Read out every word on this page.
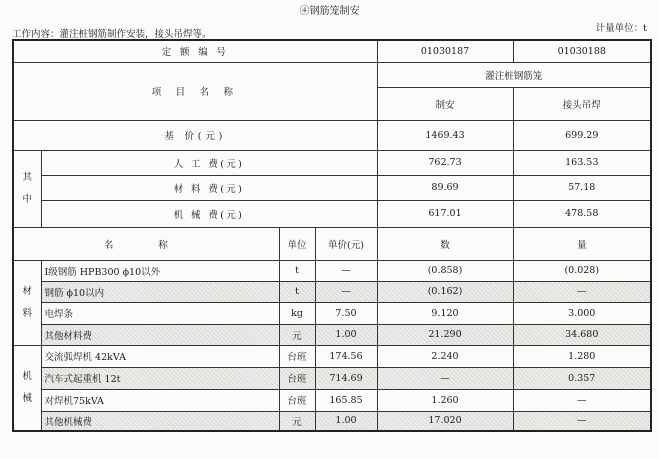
④钢筋笼制安
工作内容：灌注桩钢筋制作安装，接头吊焊等。
计量单位：t
定 额 编 号				01030187	01030188
项 目 名 称				灌注桩钢筋笼	
				制安	接头吊焊
基 价(元)				1469.43	699.29

其
中	人 工 费(元)			762.73	163.53
	材 料 费(元)			89.69	57.18
	机 械 费(元)			617.01	478.58
名 称		单位	单价(元)	数	量

材
料	Ⅰ级钢筋 HPB300 ϕ10以外	t	—	(0.858)	(0.028)
	钢筋 ϕ10以内	t	—	(0.162)	—
	电焊条	kg	7.50	9.120	3.000
	其他材料费	元	1.00	21.290	34.680

机
械	交流弧焊机 42kVA	台班	174.56	2.240	1.280
	汽车式起重机 12t	台班	714.69	—	0.357
	对焊机75kVA	台班	165.85	1.260	—
	其他机械费	元	1.00	17.020	—
